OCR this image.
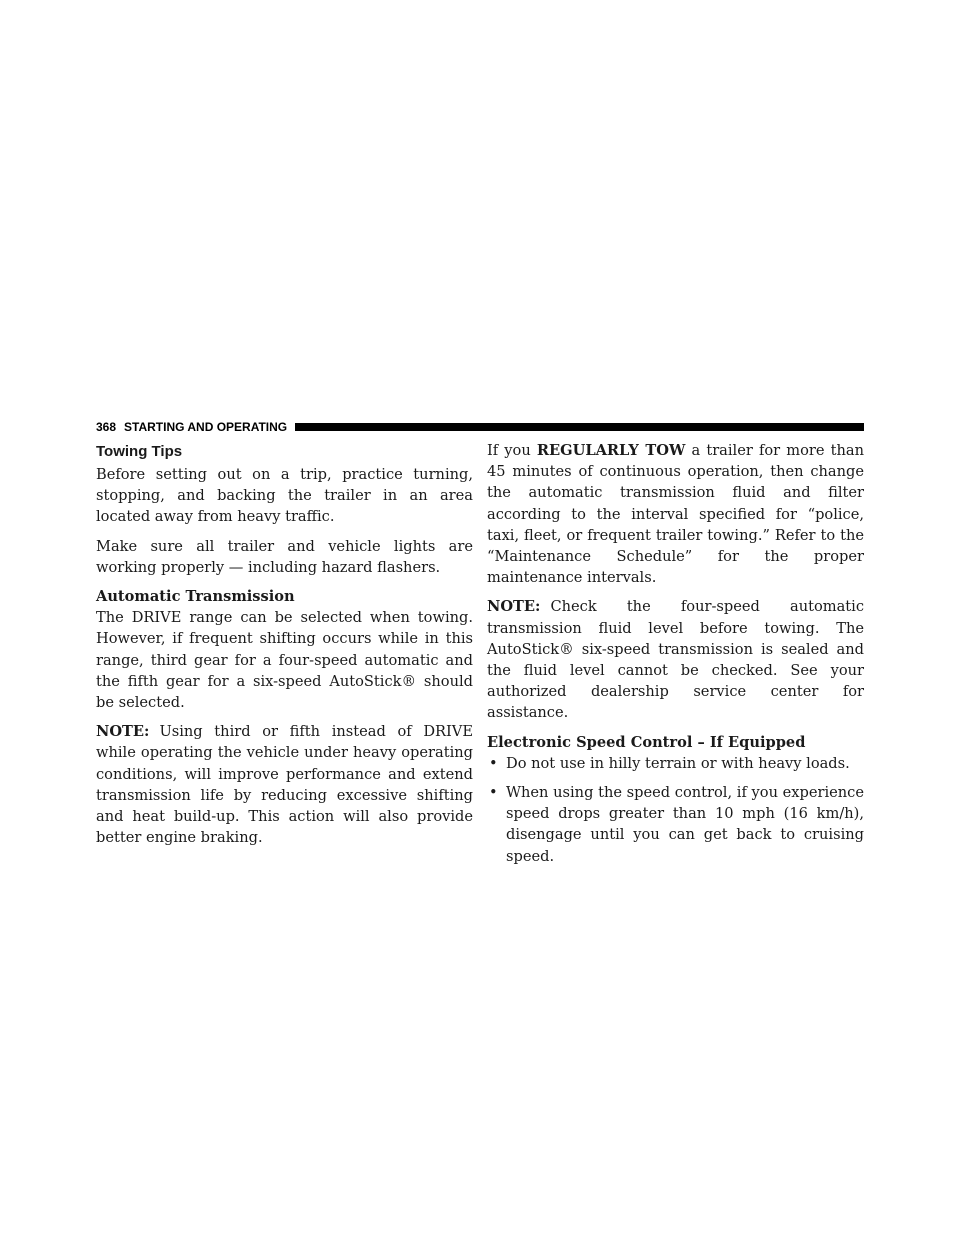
368 STARTING AND OPERATING
Towing Tips

Before setting out on a trip, practice turning, stopping, and backing the trailer in an area located away from heavy traffic.

Make sure all trailer and vehicle lights are working properly — including hazard flashers.

Automatic Transmission
The DRIVE range can be selected when towing. However, if frequent shifting occurs while in this range, third gear for a four-speed automatic and the fifth gear for a six-speed AutoStick® should be selected.

NOTE: Using third or fifth instead of DRIVE while operating the vehicle under heavy operating conditions, will improve performance and extend transmission life by reducing excessive shifting and heat build-up. This action will also provide better engine braking.

If you REGULARLY TOW a trailer for more than 45 minutes of continuous operation, then change the automatic transmission fluid and filter according to the interval specified for “police, taxi, fleet, or frequent trailer towing.” Refer to the “Maintenance Schedule” for the proper maintenance intervals.

NOTE: Check the four-speed automatic transmission fluid level before towing. The AutoStick® six-speed transmission is sealed and the fluid level cannot be checked. See your authorized dealership service center for assistance.

Electronic Speed Control – If Equipped

• Do not use in hilly terrain or with heavy loads.
• When using the speed control, if you experience speed drops greater than 10 mph (16 km/h), disengage until you can get back to cruising speed.
